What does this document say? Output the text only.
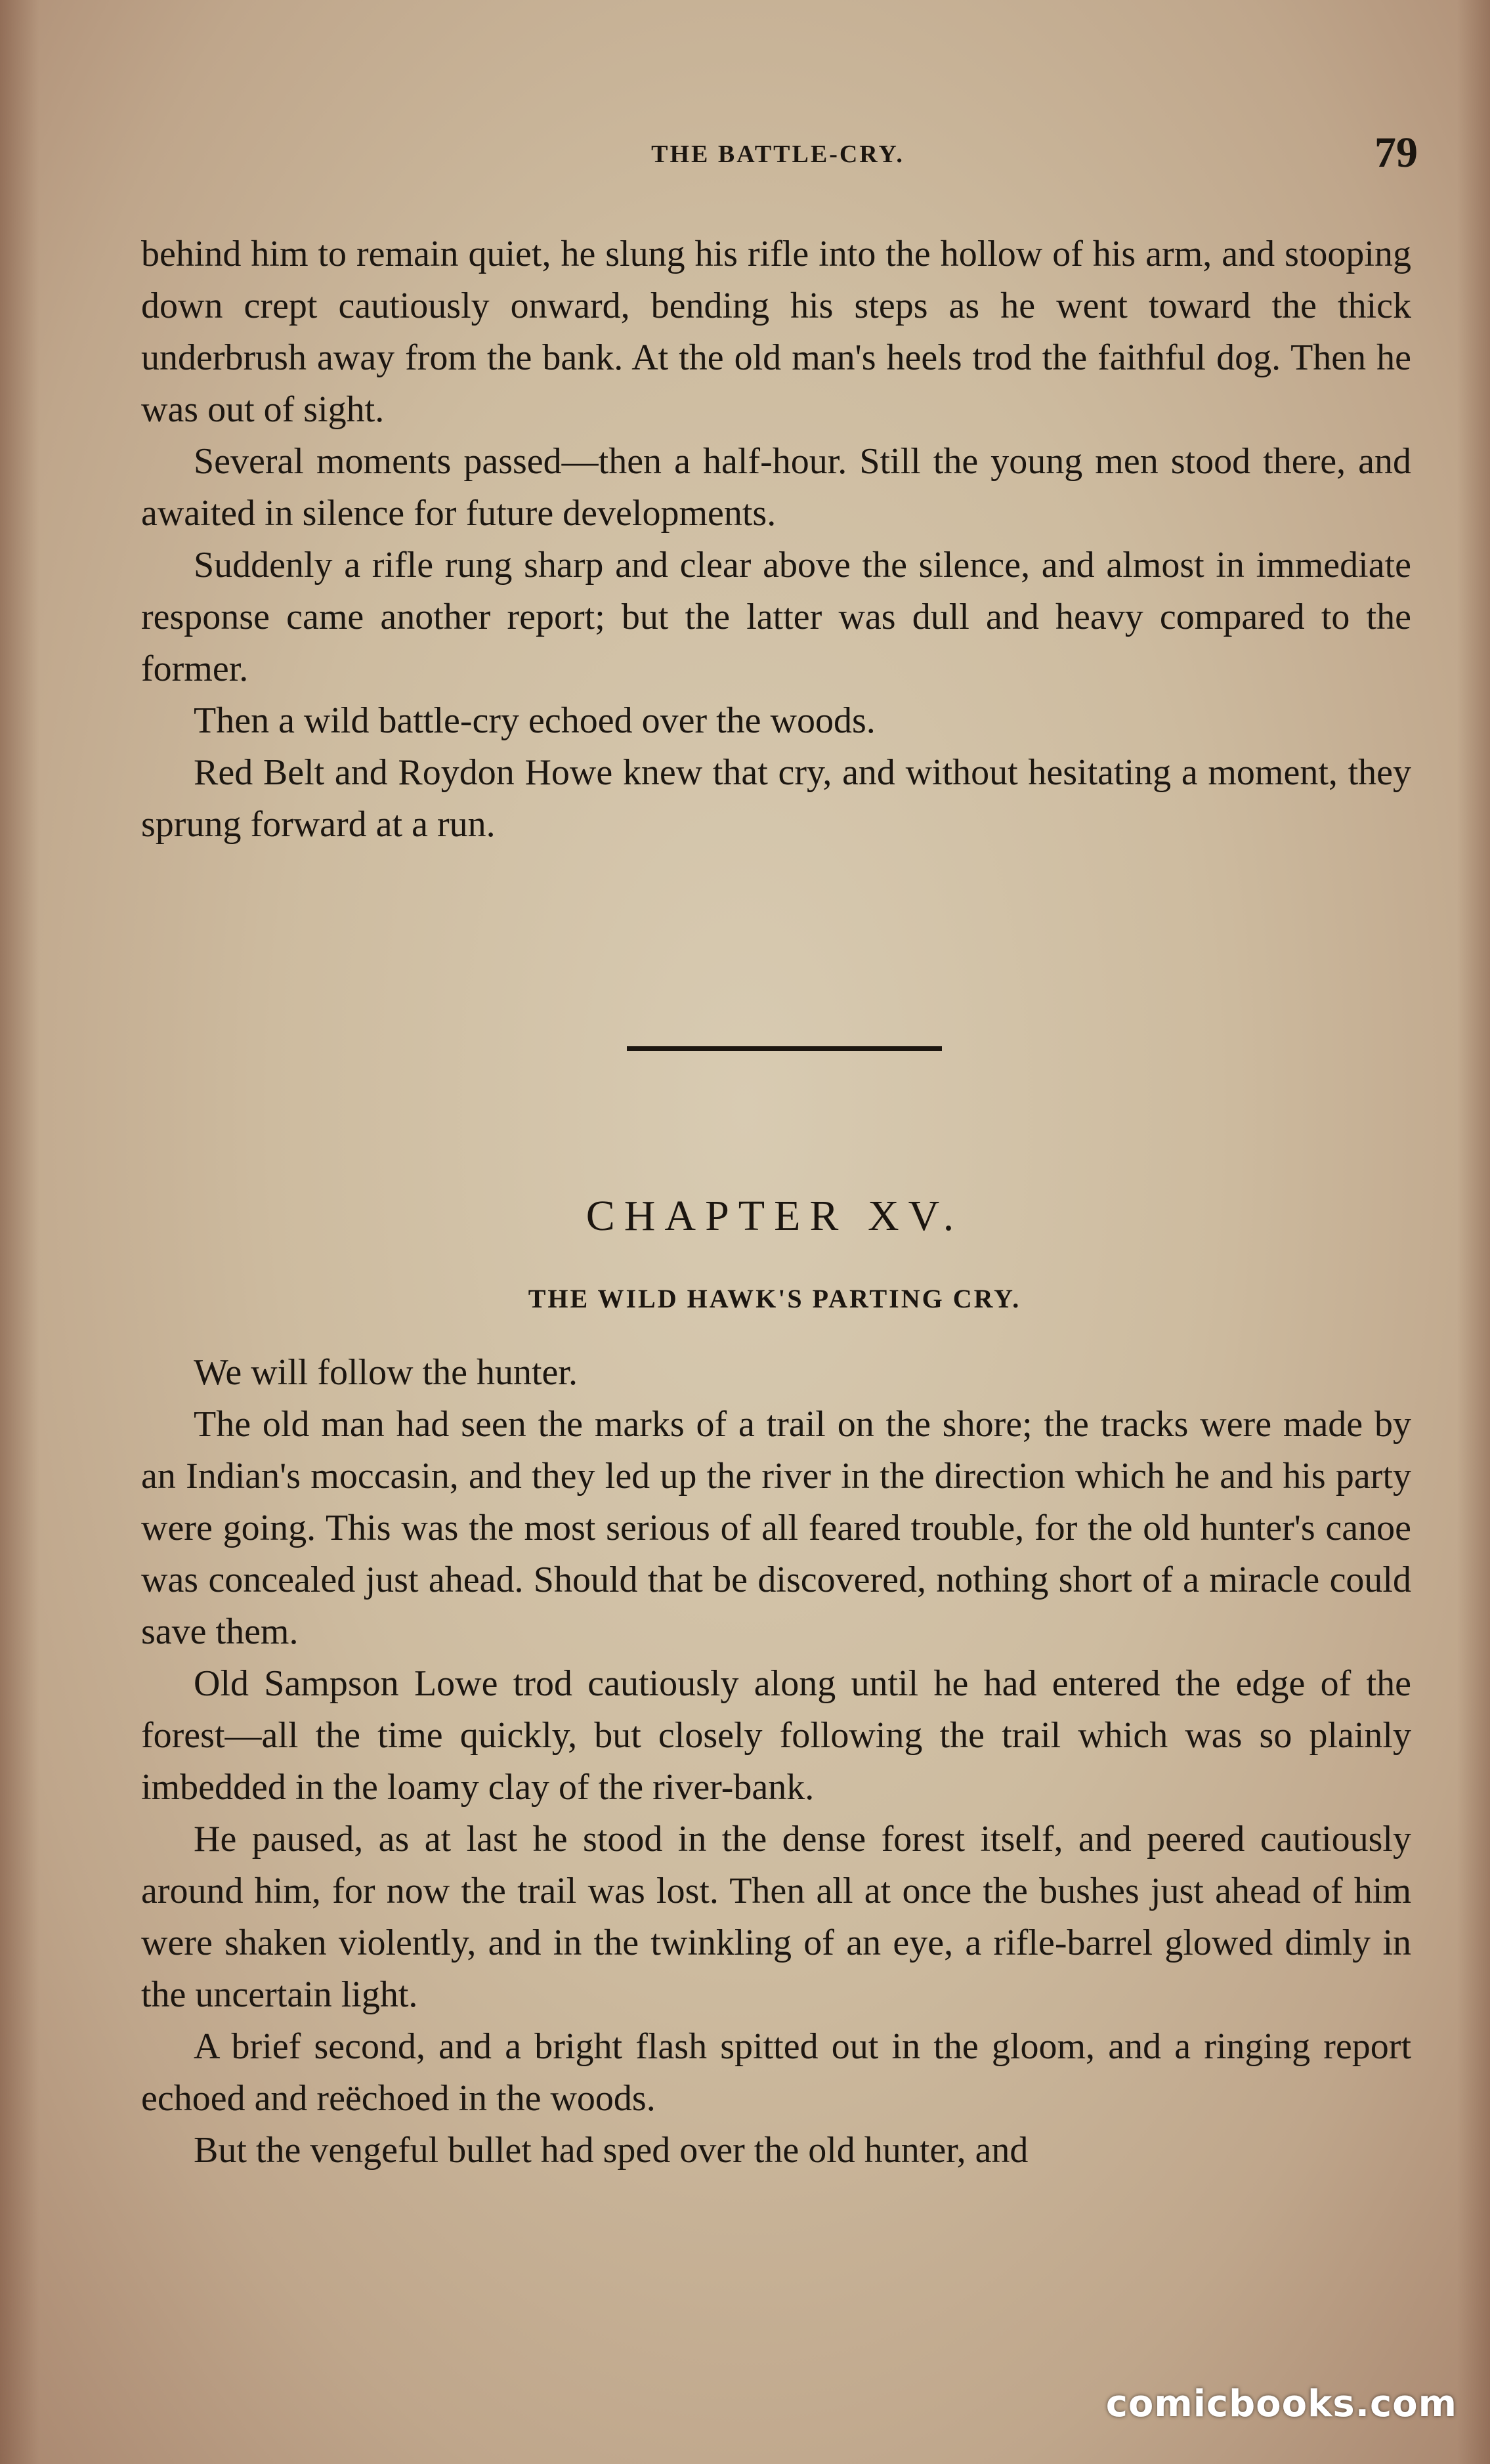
THE BATTLE-CRY.	79

behind him to remain quiet, he slung his rifle into the hollow of his arm, and stooping down crept cautiously onward, bending his steps as he went toward the thick underbrush away from the bank. At the old man's heels trod the faithful dog. Then he was out of sight.

Several moments passed—then a half-hour. Still the young men stood there, and awaited in silence for future developments.

Suddenly a rifle rung sharp and clear above the silence, and almost in immediate response came another report; but the latter was dull and heavy compared to the former.

Then a wild battle-cry echoed over the woods.

Red Belt and Roydon Howe knew that cry, and without hesitating a moment, they sprung forward at a run.

CHAPTER XV.
THE WILD HAWK'S PARTING CRY.

We will follow the hunter.

The old man had seen the marks of a trail on the shore; the tracks were made by an Indian's moccasin, and they led up the river in the direction which he and his party were going. This was the most serious of all feared trouble, for the old hunter's canoe was concealed just ahead. Should that be discovered, nothing short of a miracle could save them.

Old Sampson Lowe trod cautiously along until he had entered the edge of the forest—all the time quickly, but closely following the trail which was so plainly imbedded in the loamy clay of the river-bank.

He paused, as at last he stood in the dense forest itself, and peered cautiously around him, for now the trail was lost. Then all at once the bushes just ahead of him were shaken violently, and in the twinkling of an eye, a rifle-barrel glowed dimly in the uncertain light.

A brief second, and a bright flash spitted out in the gloom, and a ringing report echoed and reëchoed in the woods.

But the vengeful bullet had sped over the old hunter, and

comicbooks.com
